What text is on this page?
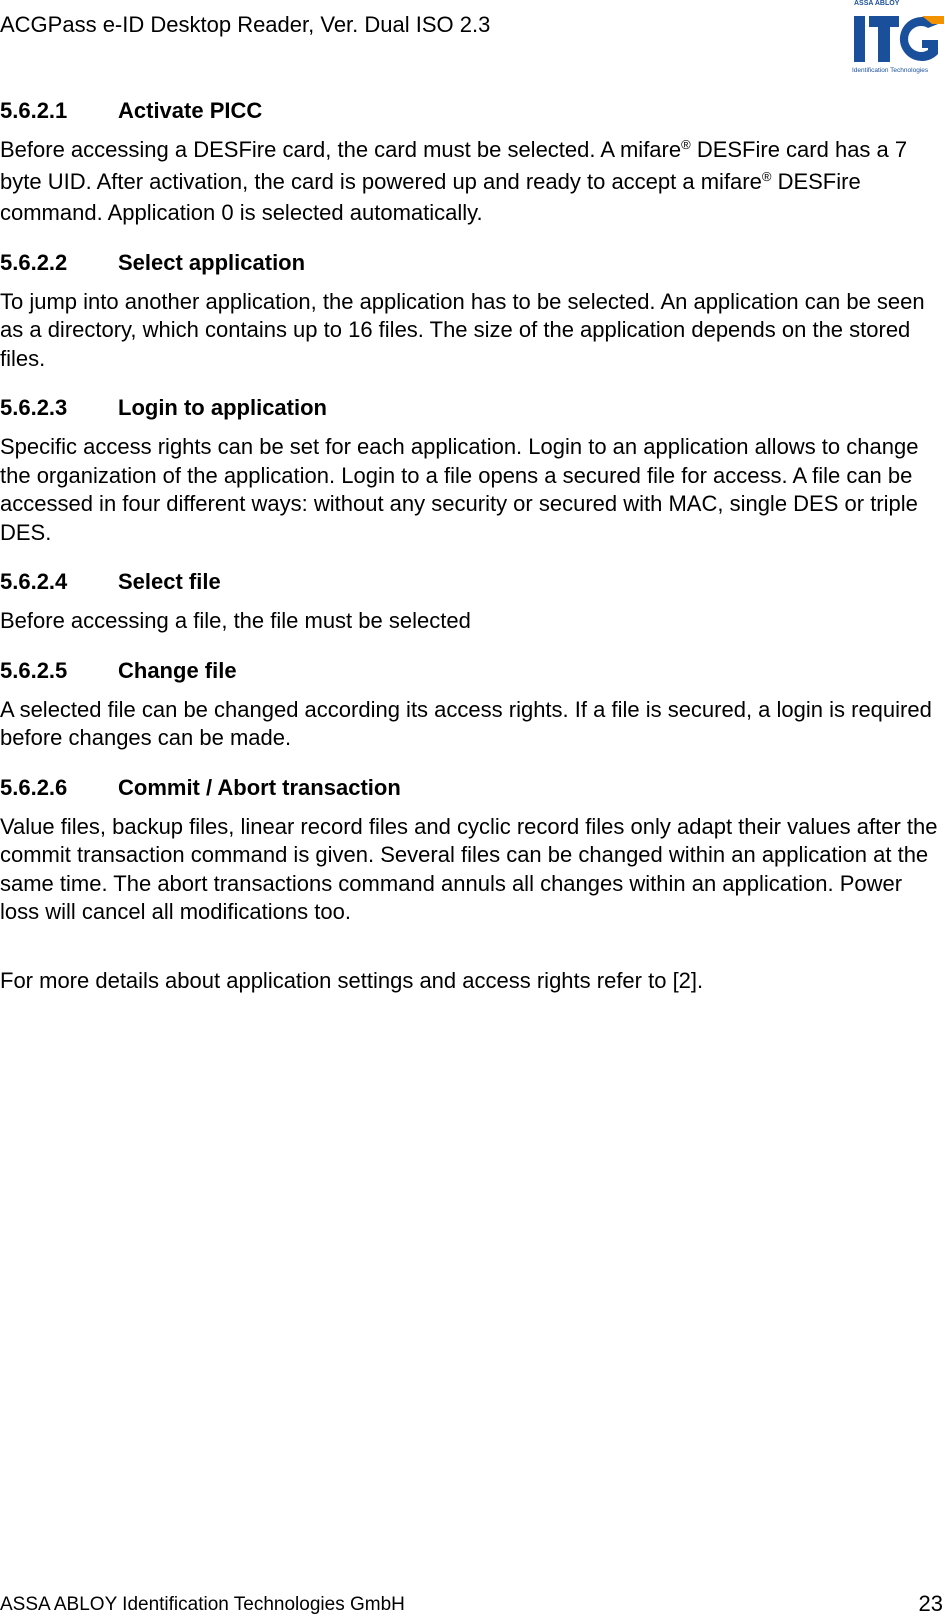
ACGPass e-ID Desktop Reader, Ver. Dual ISO 2.3
ASSA ABLOY
Identification Technologies
5.6.2.1	Activate PICC

Before accessing a DESFire card, the card must be selected. A mifare® DESFire card has a 7 byte UID. After activation, the card is powered up and ready to accept a mifare® DESFire command. Application 0 is selected automatically.

5.6.2.2	Select application

To jump into another application, the application has to be selected. An application can be seen as a directory, which contains up to 16 files. The size of the application depends on the stored files.

5.6.2.3	Login to application

Specific access rights can be set for each application. Login to an application allows to change the organization of the application. Login to a file opens a secured file for access. A file can be accessed in four different ways: without any security or secured with MAC, single DES or triple DES.

5.6.2.4	Select file

Before accessing a file, the file must be selected

5.6.2.5	Change file

A selected file can be changed according its access rights. If a file is secured, a login is required before changes can be made.

5.6.2.6	Commit / Abort transaction

Value files, backup files, linear record files and cyclic record files only adapt their values after the commit transaction command is given. Several files can be changed within an application at the same time. The abort transactions command annuls all changes within an application. Power loss will cancel all modifications too.

For more details about application settings and access rights refer to [2].

ASSA ABLOY Identification Technologies GmbH	23
